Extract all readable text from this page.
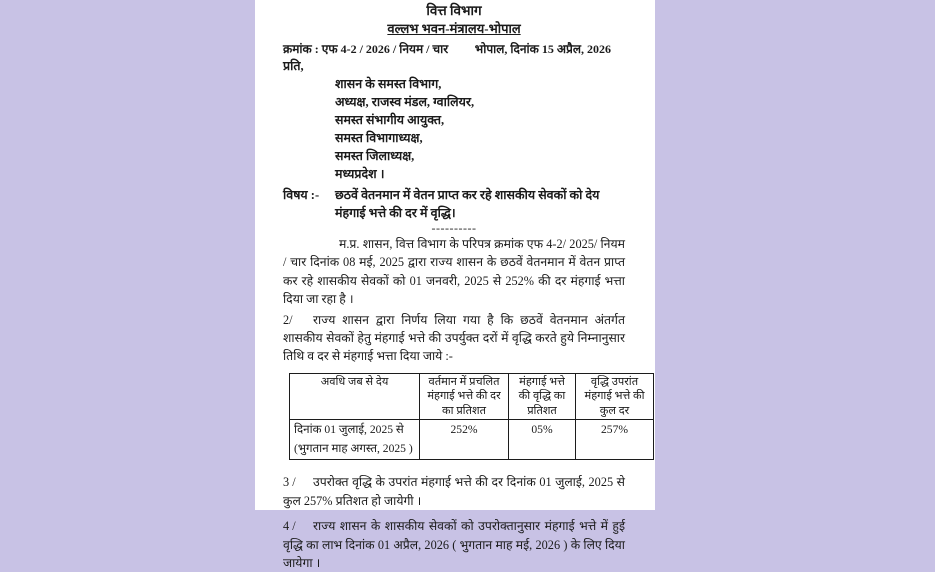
वित्त विभाग
वल्लभ भवन-मंत्रालय-भोपाल
क्रमांक : एफ 4-2 / 2026 / नियम / चार भोपाल, दिनांक 15 अप्रैल, 2026
प्रति,
शासन के समस्त विभाग,
अध्यक्ष, राजस्व मंडल, ग्वालियर,
समस्त संभागीय आयुक्त,
समस्त विभागाध्यक्ष,
समस्त जिलाध्यक्ष,
मध्यप्रदेश ।
विषय :- छठवें वेतनमान में वेतन प्राप्त कर रहे शासकीय सेवकों को देय मंहगाई भत्ते की दर में वृद्धि।
----------
म.प्र. शासन, वित्त विभाग के परिपत्र क्रमांक एफ 4-2/ 2025/ नियम / चार दिनांक 08 मई, 2025 द्वारा राज्य शासन के छठवें वेतनमान में वेतन प्राप्त कर रहे शासकीय सेवकों को 01 जनवरी, 2025 से 252% की दर मंहगाई भत्ता दिया जा रहा है ।
2/ राज्य शासन द्वारा निर्णय लिया गया है कि छठवें वेतनमान अंतर्गत शासकीय सेवकों हेतु मंहगाई भत्ते की उपर्युक्त दरों में वृद्धि करते हुये निम्नानुसार तिथि व दर से मंहगाई भत्ता दिया जाये :-
अवधि जब से देय	वर्तमान में प्रचलित मंहगाई भत्ते की दर का प्रतिशत	मंहगाई भत्ते की वृद्धि का प्रतिशत	वृद्धि उपरांत मंहगाई भत्ते की कुल दर

दिनांक 01 जुलाई, 2025 से
(भुगतान माह अगस्त, 2025 )	252%	05%	257%
3 / उपरोक्त वृद्धि के उपरांत मंहगाई भत्ते की दर दिनांक 01 जुलाई, 2025 से कुल 257% प्रतिशत हो जायेगी ।
4 / राज्य शासन के शासकीय सेवकों को उपरोक्तानुसार मंहगाई भत्ते में हुई वृद्धि का लाभ दिनांक 01 अप्रैल, 2026 ( भुगतान माह मई, 2026 ) के लिए दिया जायेगा ।
